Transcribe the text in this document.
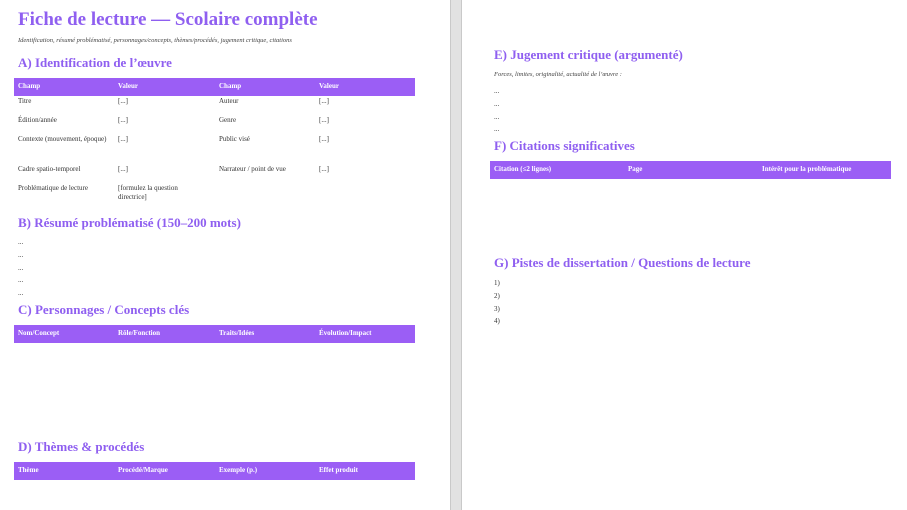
Fiche de lecture — Scolaire complète
Identification, résumé problématisé, personnages/concepts, thèmes/procédés, jugement critique, citations
A) Identification de l’œuvre
Champ	Valeur	Champ	Valeur
Titre	[...]	Auteur	[...]
Édition/année	[...]	Genre	[...]
Contexte (mouvement, époque)	[...]	Public visé	[...]
Cadre spatio-temporel	[...]	Narrateur / point de vue	[...]
Problématique de lecture	[formulez la question directrice]
B) Résumé problématisé (150–200 mots)
...
...
...
...
...
C) Personnages / Concepts clés
Nom/Concept	Rôle/Fonction	Traits/Idées	Évolution/Impact
D) Thèmes & procédés
Thème	Procédé/Marque	Exemple (p.)	Effet produit
E) Jugement critique (argumenté)
Forces, limites, originalité, actualité de l’œuvre :
...
...
...
...
F) Citations significatives
Citation (≤2 lignes)	Page	Intérêt pour la problématique
G) Pistes de dissertation / Questions de lecture
1)
2)
3)
4)
